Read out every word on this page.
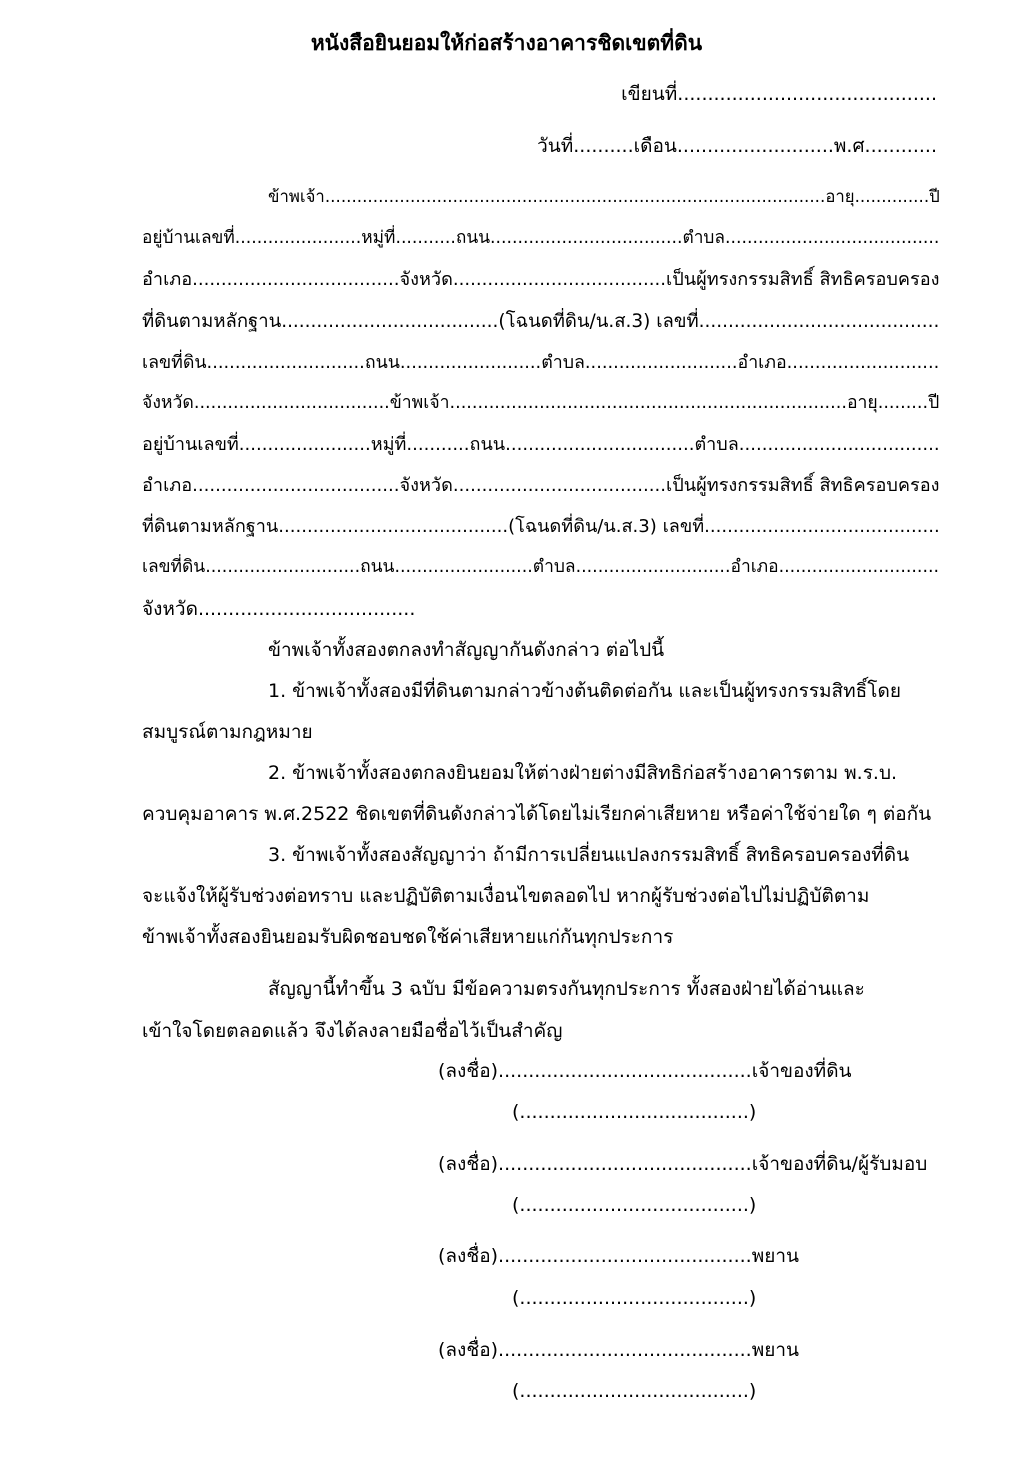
หนังสือยินยอมให้ก่อสร้างอาคารชิดเขตที่ดิน
เขียนที่...........................................
วันที่..........เดือน..........................พ.ศ............
ข้าพเจ้า..............................................................................................อายุ..............ปี
อยู่บ้านเลขที่.......................หมู่ที่...........ถนน...................................ตำบล.......................................
อำเภอ....................................จังหวัด.....................................เป็นผู้ทรงกรรมสิทธิ์ สิทธิครอบครอง
ที่ดินตามหลักฐาน.....................................(โฉนดที่ดิน/น.ส.3) เลขที่.........................................
เลขที่ดิน............................ถนน.........................ตำบล...........................อำเภอ...........................
จังหวัด...................................ข้าพเจ้า.......................................................................อายุ.........ปี
อยู่บ้านเลขที่.......................หมู่ที่...........ถนน.................................ตำบล...................................
อำเภอ....................................จังหวัด.....................................เป็นผู้ทรงกรรมสิทธิ์ สิทธิครอบครอง
ที่ดินตามหลักฐาน........................................(โฉนดที่ดิน/น.ส.3) เลขที่.........................................
เลขที่ดิน............................ถนน.........................ตำบล............................อำเภอ.............................
จังหวัด....................................
ข้าพเจ้าทั้งสองตกลงทำสัญญากันดังกล่าว ต่อไปนี้
1. ข้าพเจ้าทั้งสองมีที่ดินตามกล่าวข้างต้นติดต่อกัน และเป็นผู้ทรงกรรมสิทธิ์โดย
สมบูรณ์ตามกฎหมาย
2. ข้าพเจ้าทั้งสองตกลงยินยอมให้ต่างฝ่ายต่างมีสิทธิก่อสร้างอาคารตาม พ.ร.บ.
ควบคุมอาคาร พ.ศ.2522 ชิดเขตที่ดินดังกล่าวได้โดยไม่เรียกค่าเสียหาย หรือค่าใช้จ่ายใด ๆ ต่อกัน
3. ข้าพเจ้าทั้งสองสัญญาว่า ถ้ามีการเปลี่ยนแปลงกรรมสิทธิ์ สิทธิครอบครองที่ดิน
จะแจ้งให้ผู้รับช่วงต่อทราบ และปฏิบัติตามเงื่อนไขตลอดไป หากผู้รับช่วงต่อไปไม่ปฏิบัติตาม
ข้าพเจ้าทั้งสองยินยอมรับผิดชอบชดใช้ค่าเสียหายแก่กันทุกประการ
สัญญานี้ทำขึ้น 3 ฉบับ มีข้อความตรงกันทุกประการ ทั้งสองฝ่ายได้อ่านและ
เข้าใจโดยตลอดแล้ว จึงได้ลงลายมือชื่อไว้เป็นสำคัญ
(ลงชื่อ)..........................................เจ้าของที่ดิน
(......................................)
(ลงชื่อ)..........................................เจ้าของที่ดิน/ผู้รับมอบ
(......................................)
(ลงชื่อ)..........................................พยาน
(......................................)
(ลงชื่อ)..........................................พยาน
(......................................)
